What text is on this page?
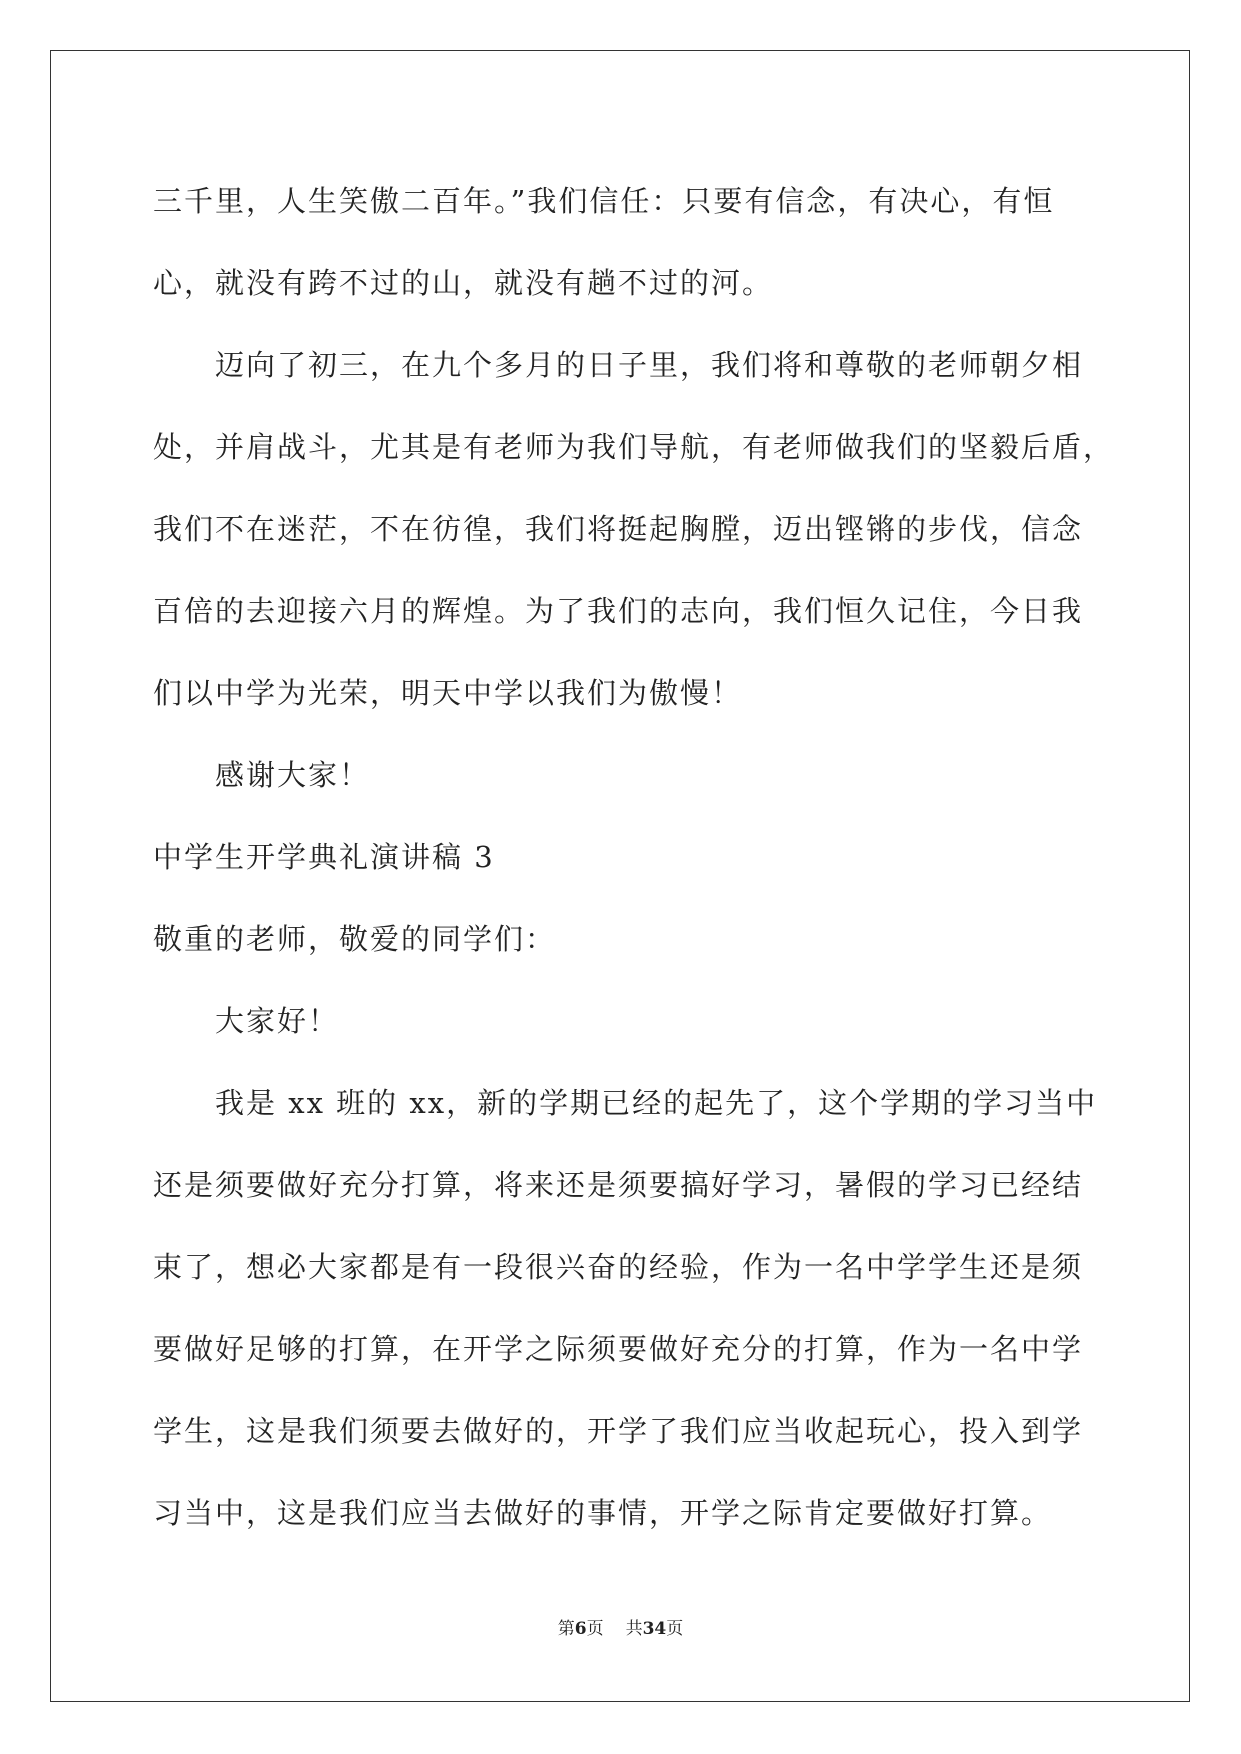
三千里，人生笑傲二百年。”我们信任：只要有信念，有决心，有恒

心，就没有跨不过的山，就没有趟不过的河。

迈向了初三，在九个多月的日子里，我们将和尊敬的老师朝夕相

处，并肩战斗，尤其是有老师为我们导航，有老师做我们的坚毅后盾，

我们不在迷茫，不在彷徨，我们将挺起胸膛，迈出铿锵的步伐，信念

百倍的去迎接六月的辉煌。为了我们的志向，我们恒久记住，今日我

们以中学为光荣，明天中学以我们为傲慢！

感谢大家！

中学生开学典礼演讲稿 3

敬重的老师，敬爱的同学们：

大家好！

我是 xx 班的 xx，新的学期已经的起先了，这个学期的学习当中

还是须要做好充分打算，将来还是须要搞好学习，暑假的学习已经结

束了，想必大家都是有一段很兴奋的经验，作为一名中学学生还是须

要做好足够的打算，在开学之际须要做好充分的打算，作为一名中学

学生，这是我们须要去做好的，开学了我们应当收起玩心，投入到学

习当中，这是我们应当去做好的事情，开学之际肯定要做好打算。

第6页 共34页
